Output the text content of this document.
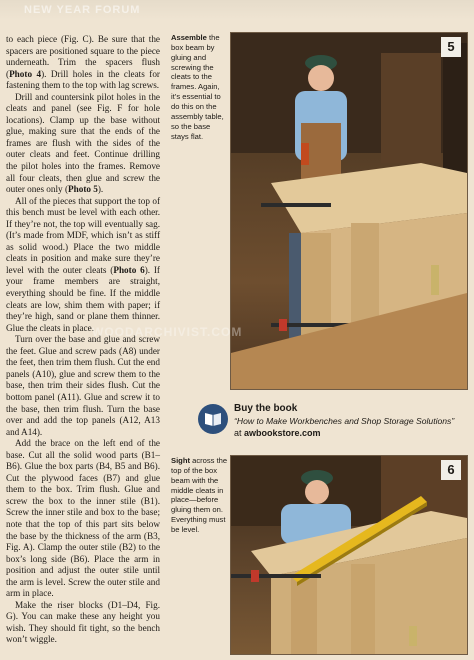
NEW YEAR FORUM

to each piece (Fig. C). Be sure that the spacers are positioned square to the piece underneath. Trim the spacers flush (Photo 4). Drill holes in the cleats for fastening them to the top with lag screws.

Drill and countersink pilot holes in the cleats and panel (see Fig. F for hole locations). Clamp up the base without glue, making sure that the ends of the frames are flush with the sides of the outer cleats and feet. Continue drilling the pilot holes into the frames. Remove all four cleats, then glue and screw the outer ones only (Photo 5).

All of the pieces that support the top of this bench must be level with each other. If they’re not, the top will eventually sag. (It’s made from MDF, which isn’t as stiff as solid wood.) Place the two middle cleats in position and make sure they’re level with the outer cleats (Photo 6). If your frame members are straight, everything should be fine. If the middle cleats are low, shim them with paper; if they’re high, sand or plane them thinner. Glue the cleats in place.

Turn over the base and glue and screw the feet. Glue and screw pads (A8) under the feet, then trim them flush. Cut the end panels (A10), glue and screw them to the base, then trim their sides flush. Cut the bottom panel (A11). Glue and screw it to the base, then trim flush. Turn the base over and add the top panels (A12, A13 and A14).

Add the brace on the left end of the base. Cut all the solid wood parts (B1–B6). Glue the box parts (B4, B5 and B6). Cut the plywood faces (B7) and glue them to the box. Trim flush. Glue and screw the box to the inner stile (B1). Screw the inner stile and box to the base; note that the top of this part sits below the base by the thickness of the arm (B3, Fig. A). Clamp the outer stile (B2) to the box’s long side (B6). Place the arm in position and adjust the outer stile until the arm is level. Screw the outer stile and arm in place.

Make the riser blocks (D1–D4, Fig. G). You can make these any height you wish. They should fit tight, so the bench won’t wiggle.

Assemble the box beam by gluing and screwing the cleats to the frames. Again, it’s essential to do this on the assembly table, so the base stays flat.
5
WOODARCHIVIST.COM
Buy the book
“How to Make Workbenches and Shop Storage Solutions”
at awbookstore.com
Sight across the top of the box beam with the middle cleats in place—before gluing them on. Everything must be level.
6
